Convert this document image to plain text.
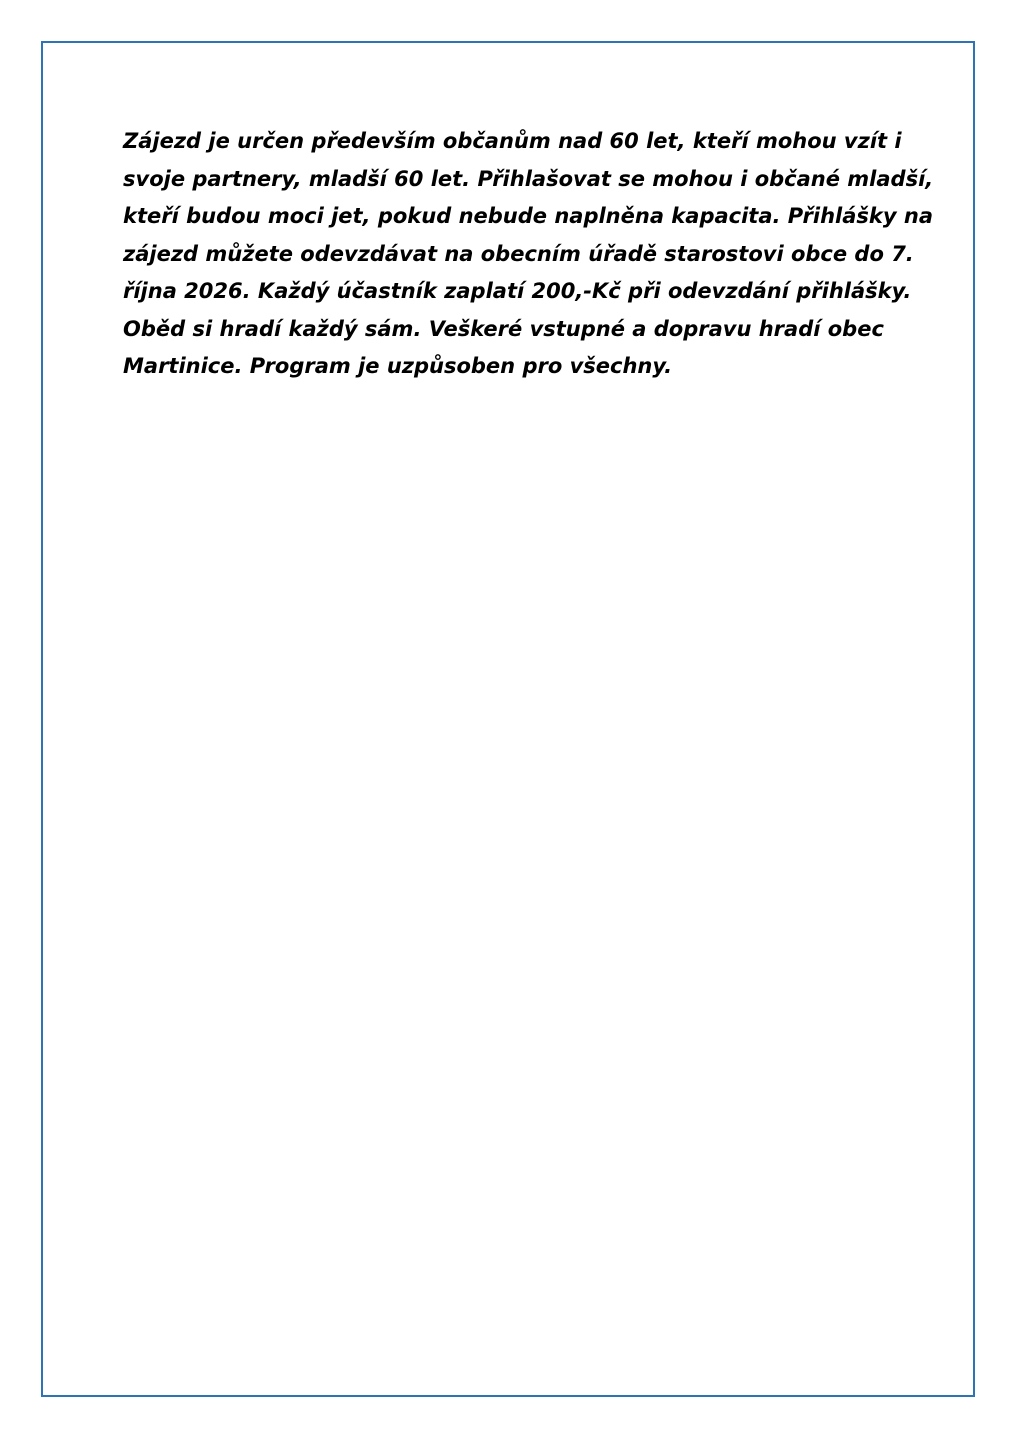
Zájezd je určen především občanům nad 60 let, kteří mohou vzít i
svoje partnery, mladší 60 let. Přihlašovat se mohou i občané mladší,
kteří budou moci jet, pokud nebude naplněna kapacita. Přihlášky na
zájezd můžete odevzdávat na obecním úřadě starostovi obce do 7.
října 2026. Každý účastník zaplatí 200,-Kč při odevzdání přihlášky.
Oběd si hradí každý sám. Veškeré vstupné a dopravu hradí obec
Martinice. Program je uzpůsoben pro všechny.
